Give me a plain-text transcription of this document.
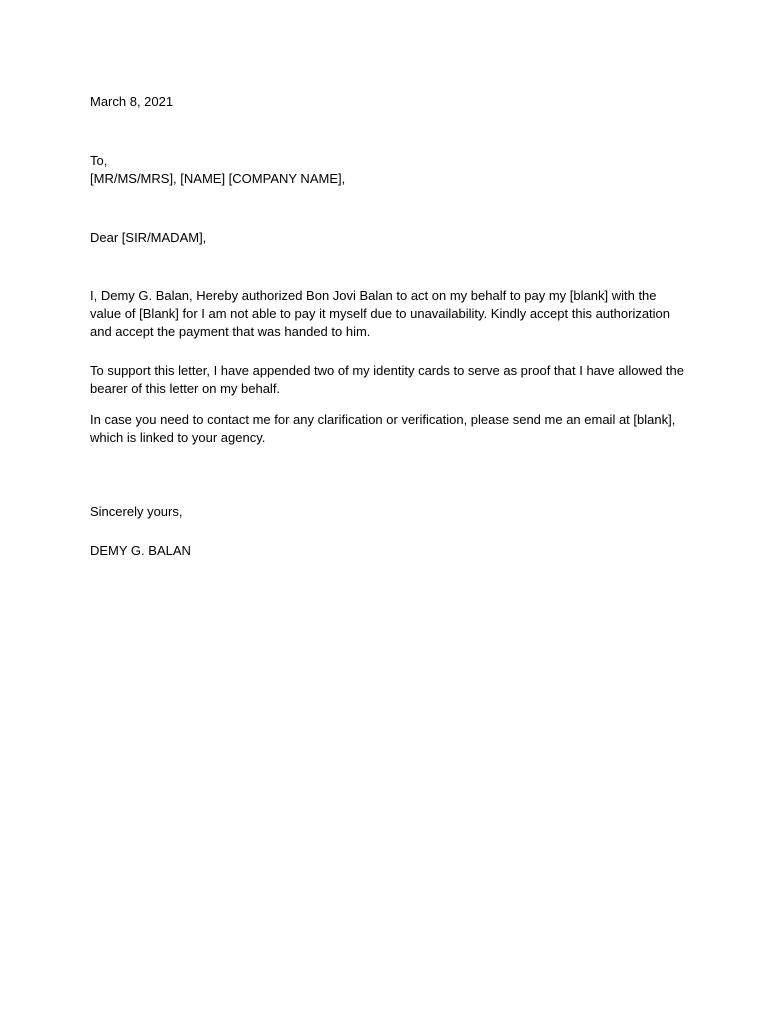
March 8, 2021

To,

[MR/MS/MRS], [NAME] [COMPANY NAME],

Dear [SIR/MADAM],

I, Demy G. Balan, Hereby authorized Bon Jovi Balan to act on my behalf to pay my [blank] with the value of [Blank] for I am not able to pay it myself due to unavailability. Kindly accept this authorization and accept the payment that was handed to him.

To support this letter, I have appended two of my identity cards to serve as proof that I have allowed the bearer of this letter on my behalf.

In case you need to contact me for any clarification or verification, please send me an email at [blank], which is linked to your agency.

Sincerely yours,

DEMY G. BALAN
